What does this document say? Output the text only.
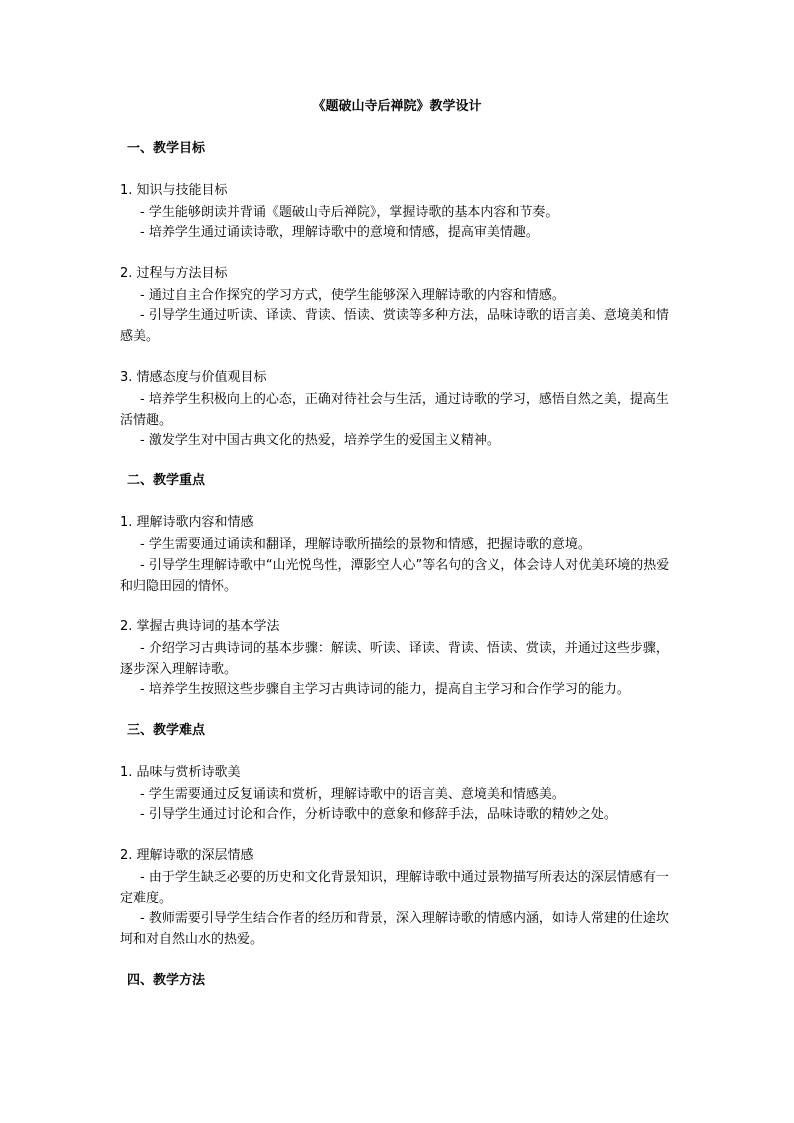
《题破山寺后禅院》教学设计
一、教学目标
1. 知识与技能目标

- 学生能够朗读并背诵《题破山寺后禅院》，掌握诗歌的基本内容和节奏。

- 培养学生通过诵读诗歌，理解诗歌中的意境和情感，提高审美情趣。

2. 过程与方法目标

- 通过自主合作探究的学习方式，使学生能够深入理解诗歌的内容和情感。

- 引导学生通过听读、译读、背读、悟读、赏读等多种方法，品味诗歌的语言美、意境美和情感美。

3. 情感态度与价值观目标

- 培养学生积极向上的心态，正确对待社会与生活，通过诗歌的学习，感悟自然之美，提高生活情趣。

- 激发学生对中国古典文化的热爱，培养学生的爱国主义精神。

二、教学重点
1. 理解诗歌内容和情感

- 学生需要通过诵读和翻译，理解诗歌所描绘的景物和情感，把握诗歌的意境。

- 引导学生理解诗歌中“山光悦鸟性，潭影空人心”等名句的含义，体会诗人对优美环境的热爱和归隐田园的情怀。

2. 掌握古典诗词的基本学法

- 介绍学习古典诗词的基本步骤：解读、听读、译读、背读、悟读、赏读，并通过这些步骤，逐步深入理解诗歌。

- 培养学生按照这些步骤自主学习古典诗词的能力，提高自主学习和合作学习的能力。

三、教学难点
1. 品味与赏析诗歌美

- 学生需要通过反复诵读和赏析，理解诗歌中的语言美、意境美和情感美。

- 引导学生通过讨论和合作，分析诗歌中的意象和修辞手法，品味诗歌的精妙之处。

2. 理解诗歌的深层情感

- 由于学生缺乏必要的历史和文化背景知识，理解诗歌中通过景物描写所表达的深层情感有一定难度。

- 教师需要引导学生结合作者的经历和背景，深入理解诗歌的情感内涵，如诗人常建的仕途坎坷和对自然山水的热爱。

四、教学方法
